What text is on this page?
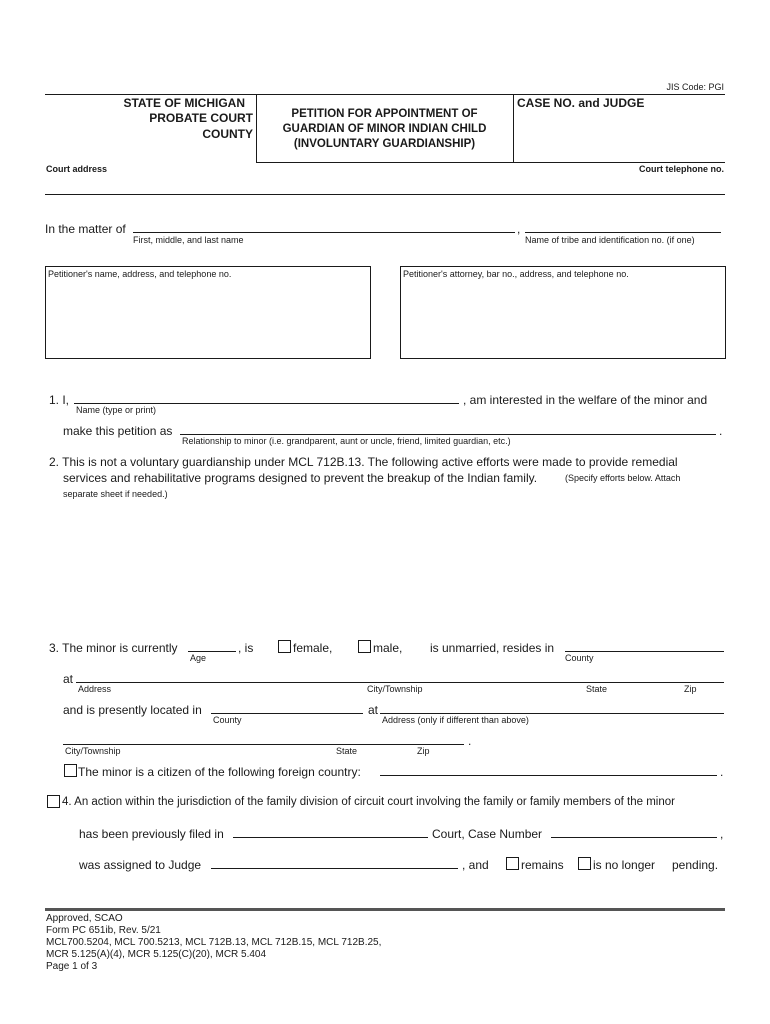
JIS Code: PGI
STATE OF MICHIGAN
PROBATE COURT
COUNTY
PETITION FOR APPOINTMENT OF
GUARDIAN OF MINOR INDIAN CHILD
(INVOLUNTARY GUARDIANSHIP)
CASE NO. and JUDGE
Court address	Court telephone no.
In the matter of	,
First, middle, and last name	Name of tribe and identification no. (if one)
Petitioner's name, address, and telephone no.	Petitioner's attorney, bar no., address, and telephone no.
1. I,	, am interested in the welfare of the minor and
Name (type or print)
make this petition as	.
Relationship to minor (i.e. grandparent, aunt or uncle, friend, limited guardian, etc.)
2. This is not a voluntary guardianship under MCL 712B.13. The following active efforts were made to provide remedial
services and rehabilitative programs designed to prevent the breakup of the Indian family.	(Specify efforts below. Attach
separate sheet if needed.)
3. The minor is currently
Age
, is	female,	male, is unmarried, resides in
County
at
Address	City/Township	State	Zip
and is presently located in
County
at
Address (only if different than above)
.
City/Township	State	Zip
The minor is a citizen of the following foreign country:	.
4. An action within the jurisdiction of the family division of circuit court involving the family or family members of the minor
has been previously filed in	Court, Case Number	,
was assigned to Judge	, and	remains is no longer pending.
Approved, SCAO
Form PC 651ib, Rev. 5/21
MCL700.5204, MCL 700.5213, MCL 712B.13, MCL 712B.15, MCL 712B.25,
MCR 5.125(A)(4), MCR 5.125(C)(20), MCR 5.404
Page 1 of 3
